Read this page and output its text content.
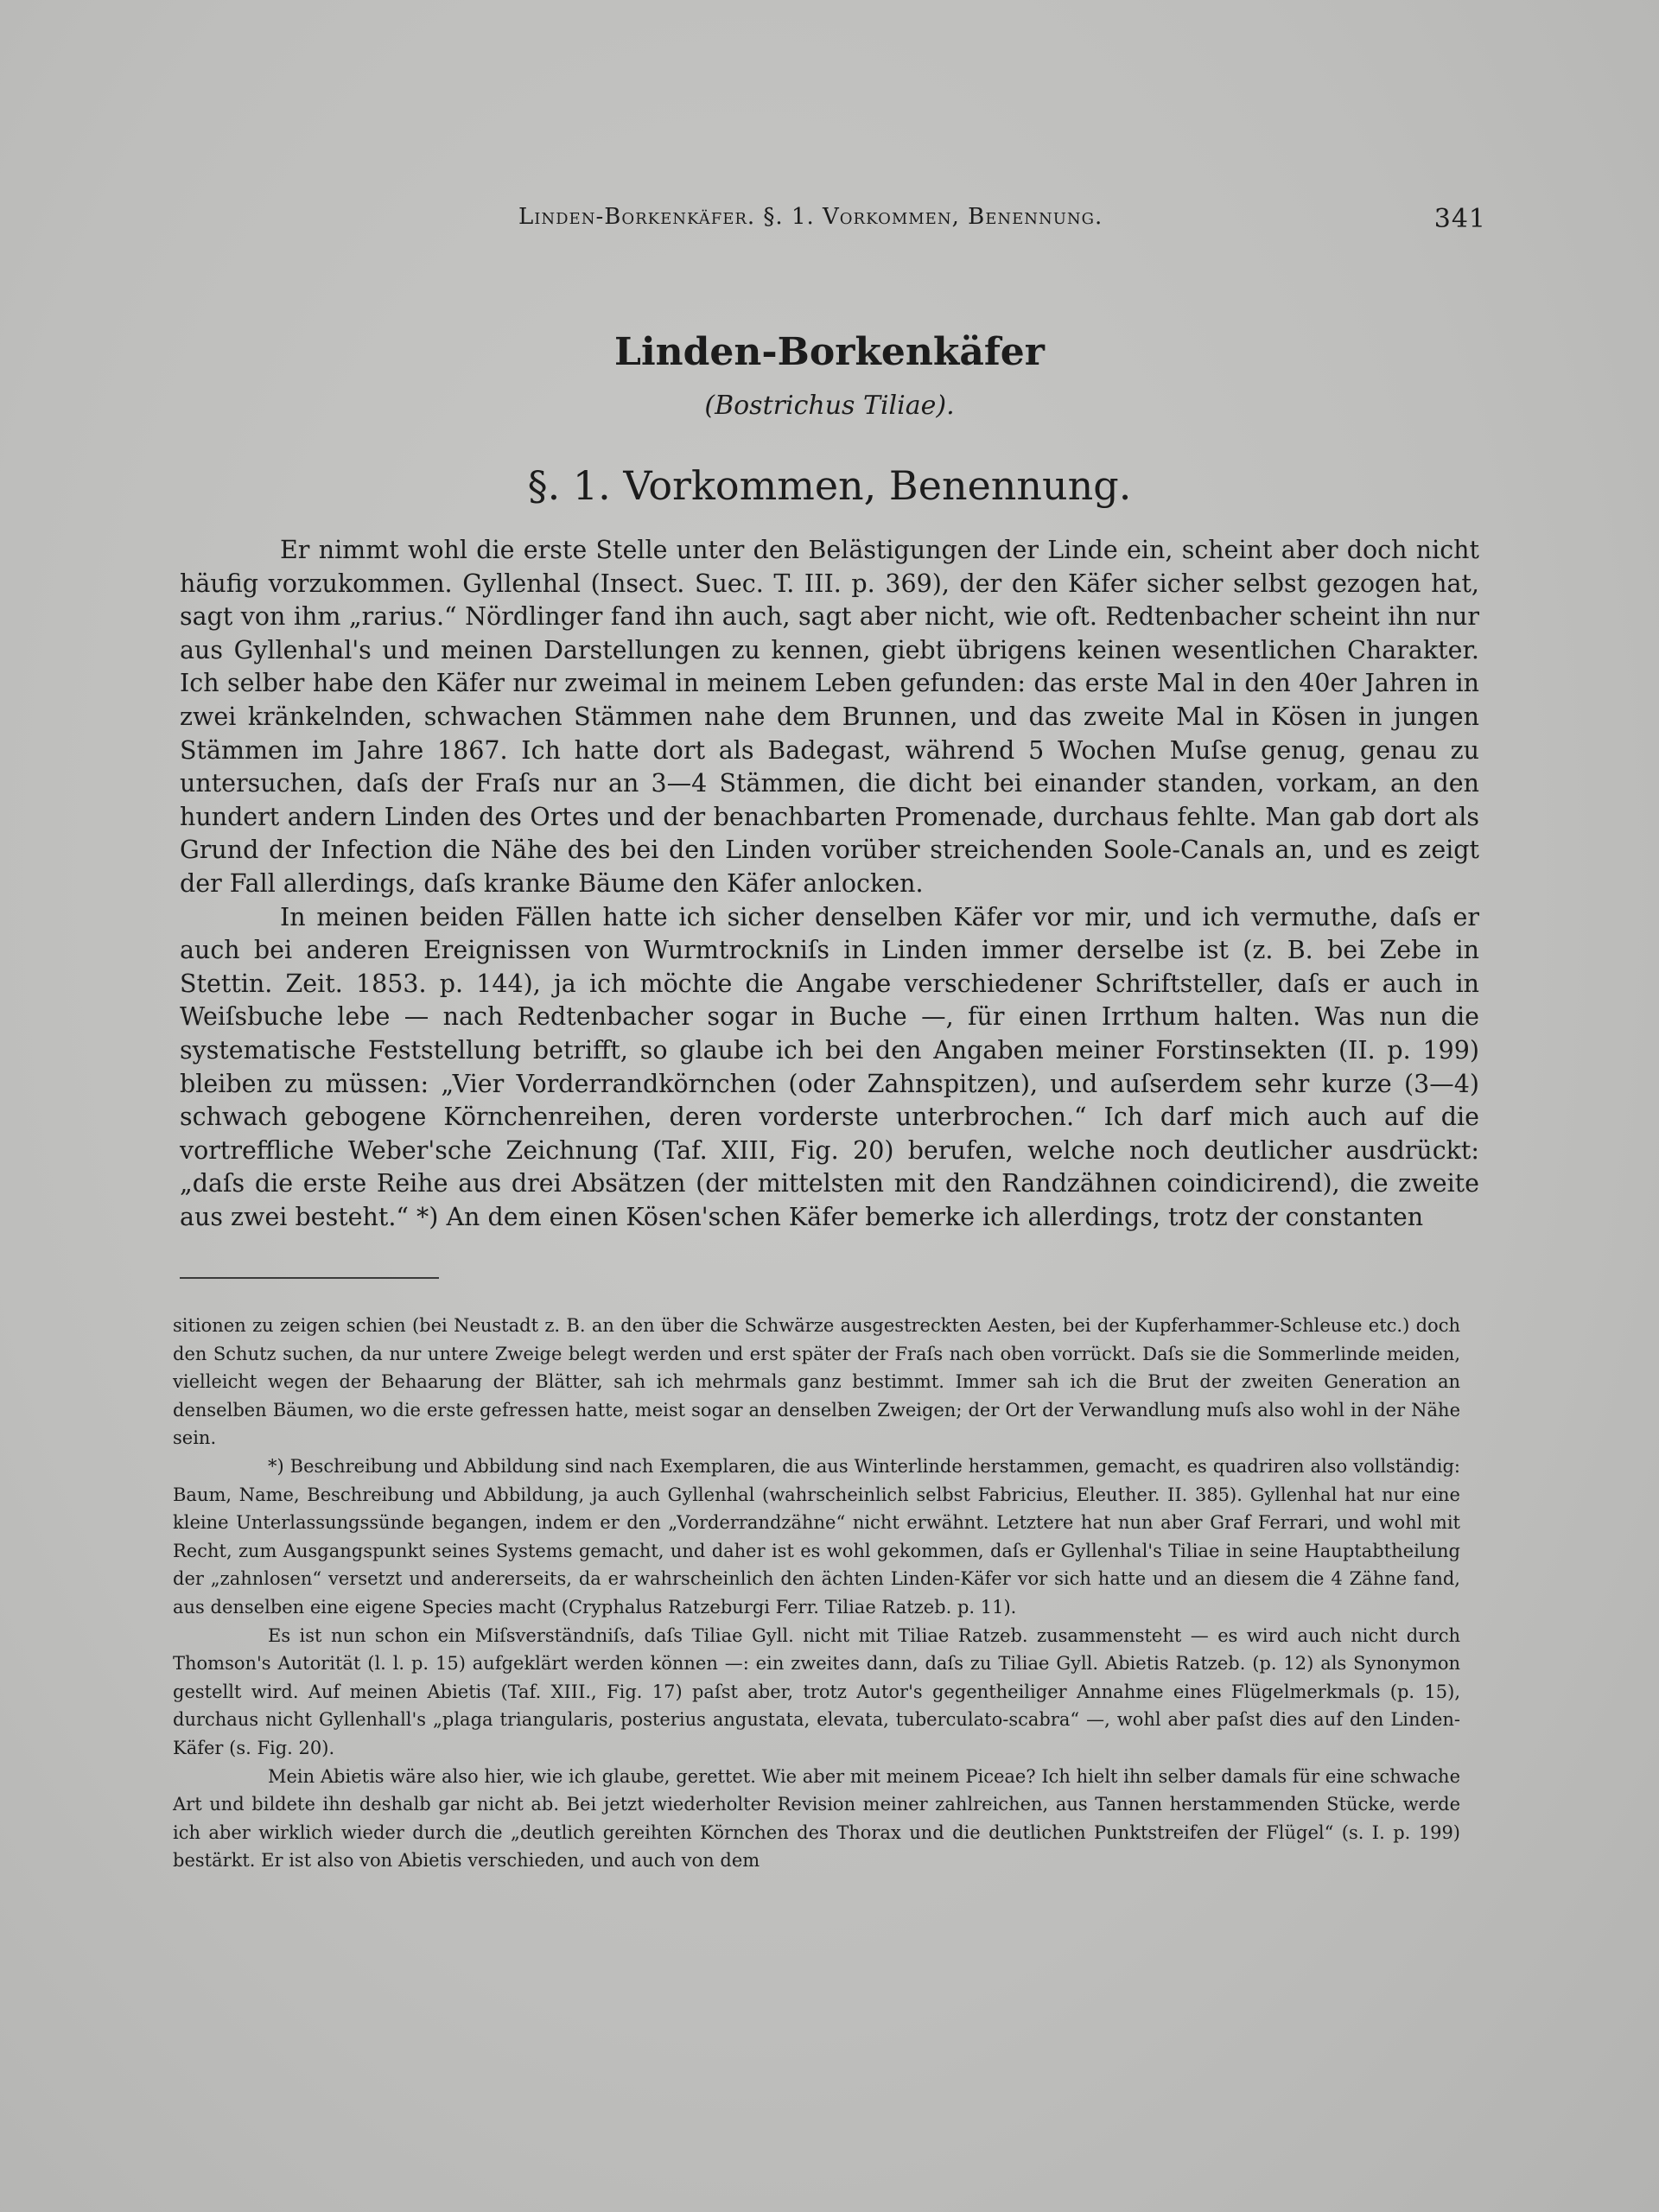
Linden-Borkenkäfer. §. 1. Vorkommen, Benennung.	341
Linden-Borkenkäfer
(Bostrichus Tiliae).
§. 1. Vorkommen, Benennung.

Er nimmt wohl die erste Stelle unter den Belästigungen der Linde ein, scheint aber doch nicht häufig vorzukommen. Gyllenhal (Insect. Suec. T. III. p. 369), der den Käfer sicher selbst gezogen hat, sagt von ihm „rarius.“ Nördlinger fand ihn auch, sagt aber nicht, wie oft. Redtenbacher scheint ihn nur aus Gyllenhal's und meinen Darstellungen zu kennen, giebt übrigens keinen wesentlichen Charakter. Ich selber habe den Käfer nur zweimal in meinem Leben gefunden: das erste Mal in den 40er Jahren in zwei kränkelnden, schwachen Stämmen nahe dem Brunnen, und das zweite Mal in Kösen in jungen Stämmen im Jahre 1867. Ich hatte dort als Badegast, während 5 Wochen Muſse genug, genau zu untersuchen, daſs der Fraſs nur an 3—4 Stämmen, die dicht bei einander standen, vorkam, an den hundert andern Linden des Ortes und der benachbarten Promenade, durchaus fehlte. Man gab dort als Grund der Infection die Nähe des bei den Linden vorüber streichenden Soole-Canals an, und es zeigt der Fall allerdings, daſs kranke Bäume den Käfer anlocken.

In meinen beiden Fällen hatte ich sicher denselben Käfer vor mir, und ich vermuthe, daſs er auch bei anderen Ereignissen von Wurmtrockniſs in Linden immer derselbe ist (z. B. bei Zebe in Stettin. Zeit. 1853. p. 144), ja ich möchte die Angabe verschiedener Schriftsteller, daſs er auch in Weiſsbuche lebe — nach Redtenbacher sogar in Buche —, für einen Irrthum halten. Was nun die systematische Feststellung betrifft, so glaube ich bei den Angaben meiner Forstinsekten (II. p. 199) bleiben zu müssen: „Vier Vorderrandkörnchen (oder Zahnspitzen), und auſserdem sehr kurze (3—4) schwach gebogene Körnchenreihen, deren vorderste unterbrochen.“ Ich darf mich auch auf die vortreffliche Weber'sche Zeichnung (Taf. XIII, Fig. 20) berufen, welche noch deutlicher ausdrückt: „daſs die erste Reihe aus drei Absätzen (der mittelsten mit den Randzähnen coindicirend), die zweite aus zwei besteht.“ *) An dem einen Kösen'schen Käfer bemerke ich allerdings, trotz der constanten

sitionen zu zeigen schien (bei Neustadt z. B. an den über die Schwärze ausgestreckten Aesten, bei der Kupferhammer-Schleuse etc.) doch den Schutz suchen, da nur untere Zweige belegt werden und erst später der Fraſs nach oben vorrückt. Daſs sie die Sommerlinde meiden, vielleicht wegen der Behaarung der Blätter, sah ich mehrmals ganz bestimmt. Immer sah ich die Brut der zweiten Generation an denselben Bäumen, wo die erste gefressen hatte, meist sogar an denselben Zweigen; der Ort der Verwandlung muſs also wohl in der Nähe sein.

*) Beschreibung und Abbildung sind nach Exemplaren, die aus Winterlinde herstammen, gemacht, es quadriren also vollständig: Baum, Name, Beschreibung und Abbildung, ja auch Gyllenhal (wahrscheinlich selbst Fabricius, Eleuther. II. 385). Gyllenhal hat nur eine kleine Unterlassungssünde begangen, indem er den „Vorderrandzähne“ nicht erwähnt. Letztere hat nun aber Graf Ferrari, und wohl mit Recht, zum Ausgangspunkt seines Systems gemacht, und daher ist es wohl gekommen, daſs er Gyllenhal's Tiliae in seine Hauptabtheilung der „zahnlosen“ versetzt und andererseits, da er wahrscheinlich den ächten Linden-Käfer vor sich hatte und an diesem die 4 Zähne fand, aus denselben eine eigene Species macht (Cryphalus Ratzeburgi Ferr. Tiliae Ratzeb. p. 11).

Es ist nun schon ein Miſsverständniſs, daſs Tiliae Gyll. nicht mit Tiliae Ratzeb. zusammensteht — es wird auch nicht durch Thomson's Autorität (l. l. p. 15) aufgeklärt werden können —: ein zweites dann, daſs zu Tiliae Gyll. Abietis Ratzeb. (p. 12) als Synonymon gestellt wird. Auf meinen Abietis (Taf. XIII., Fig. 17) paſst aber, trotz Autor's gegentheiliger Annahme eines Flügelmerkmals (p. 15), durchaus nicht Gyllenhall's „plaga triangularis, posterius angustata, elevata, tuberculato-scabra“ —, wohl aber paſst dies auf den Linden-Käfer (s. Fig. 20).

Mein Abietis wäre also hier, wie ich glaube, gerettet. Wie aber mit meinem Piceae? Ich hielt ihn selber damals für eine schwache Art und bildete ihn deshalb gar nicht ab. Bei jetzt wiederholter Revision meiner zahlreichen, aus Tannen herstammenden Stücke, werde ich aber wirklich wieder durch die „deutlich gereihten Körnchen des Thorax und die deutlichen Punktstreifen der Flügel“ (s. I. p. 199) bestärkt. Er ist also von Abietis verschieden, und auch von dem
